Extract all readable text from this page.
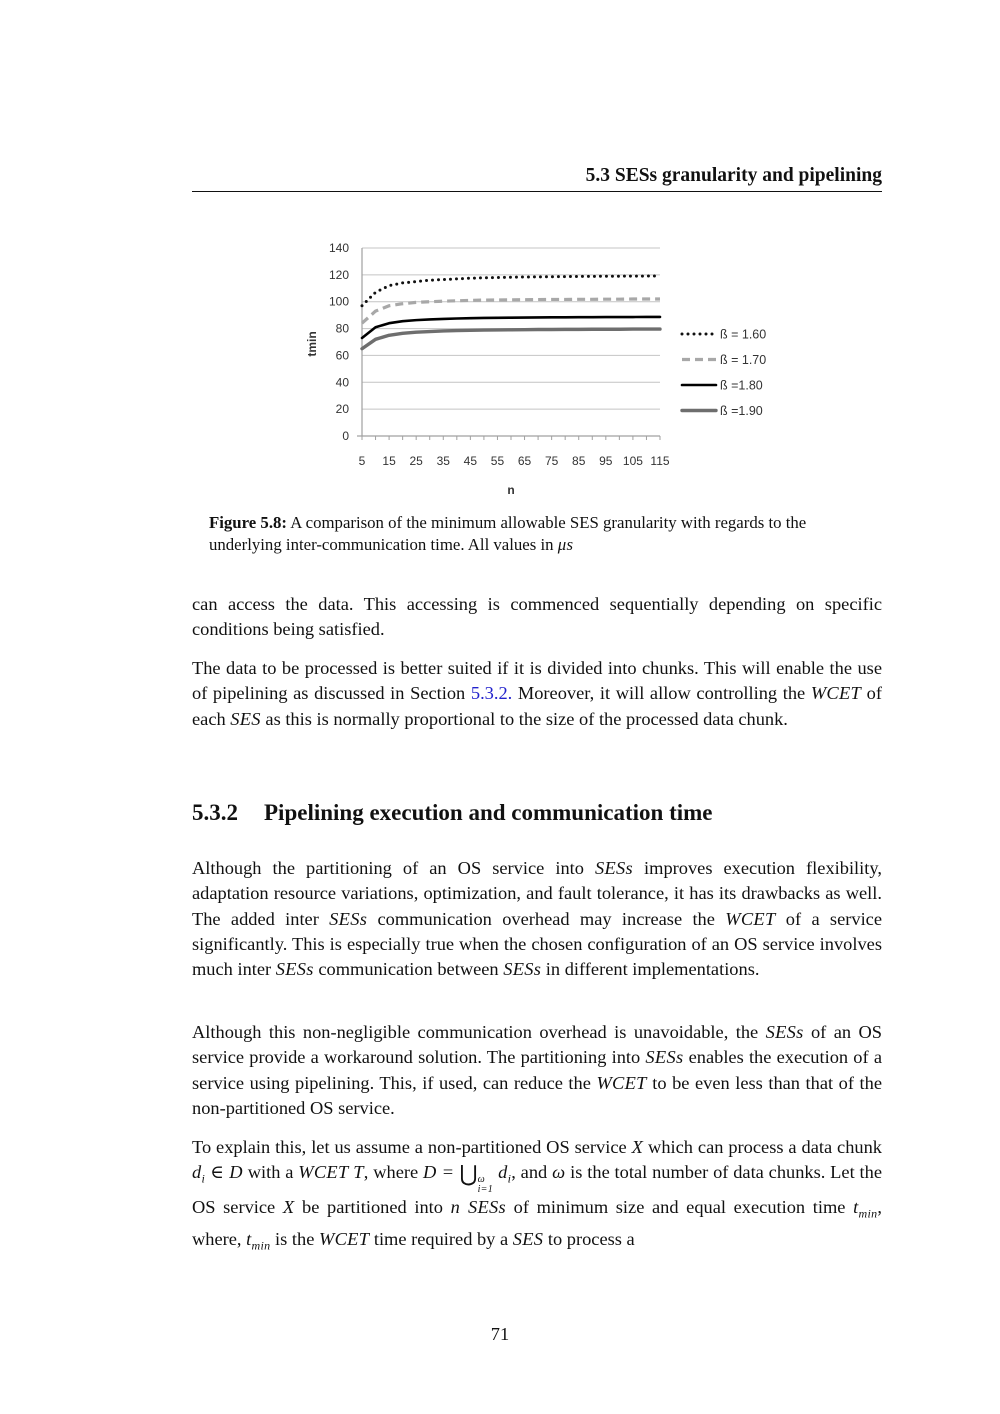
5.3 SESs granularity and pipelining
0
20
40
60
80
100
120
140
5 15 25 35 45 55 65 75 85 95 105 115
ß = 1.60
ß = 1.70
ß =1.80
ß =1.90
tmin
n
Figure 5.8: A comparison of the minimum allowable SES granularity with regards to the underlying inter-communication time. All values in μs
can access the data. This accessing is commenced sequentially depending on specific conditions being satisfied.
The data to be processed is better suited if it is divided into chunks. This will enable the use of pipelining as discussed in Section 5.3.2. Moreover, it will allow controlling the WCET of each SES as this is normally proportional to the size of the processed data chunk.
5.3.2 Pipelining execution and communication time
Although the partitioning of an OS service into SESs improves execution flexibility, adaptation resource variations, optimization, and fault tolerance, it has its drawbacks as well. The added inter SESs communication overhead may increase the WCET of a service significantly. This is especially true when the chosen configuration of an OS service involves much inter SESs communication between SESs in different implementations.
Although this non-negligible communication overhead is unavoidable, the SESs of an OS service provide a workaround solution. The partitioning into SESs enables the execution of a service using pipelining. This, if used, can reduce the WCET to be even less than that of the non-partitioned OS service.
To explain this, let us assume a non-partitioned OS service X which can process a data chunk $d_i$ ∈ D with a WCET T, where D = ⋃ ω
i=1
$d_i$, and ω is the total number of data chunks. Let the OS service X be partitioned into n SESs of minimum size and equal execution time $t_{min}$, where, $t_{min}$ is the WCET time required by a SES to process a
71
